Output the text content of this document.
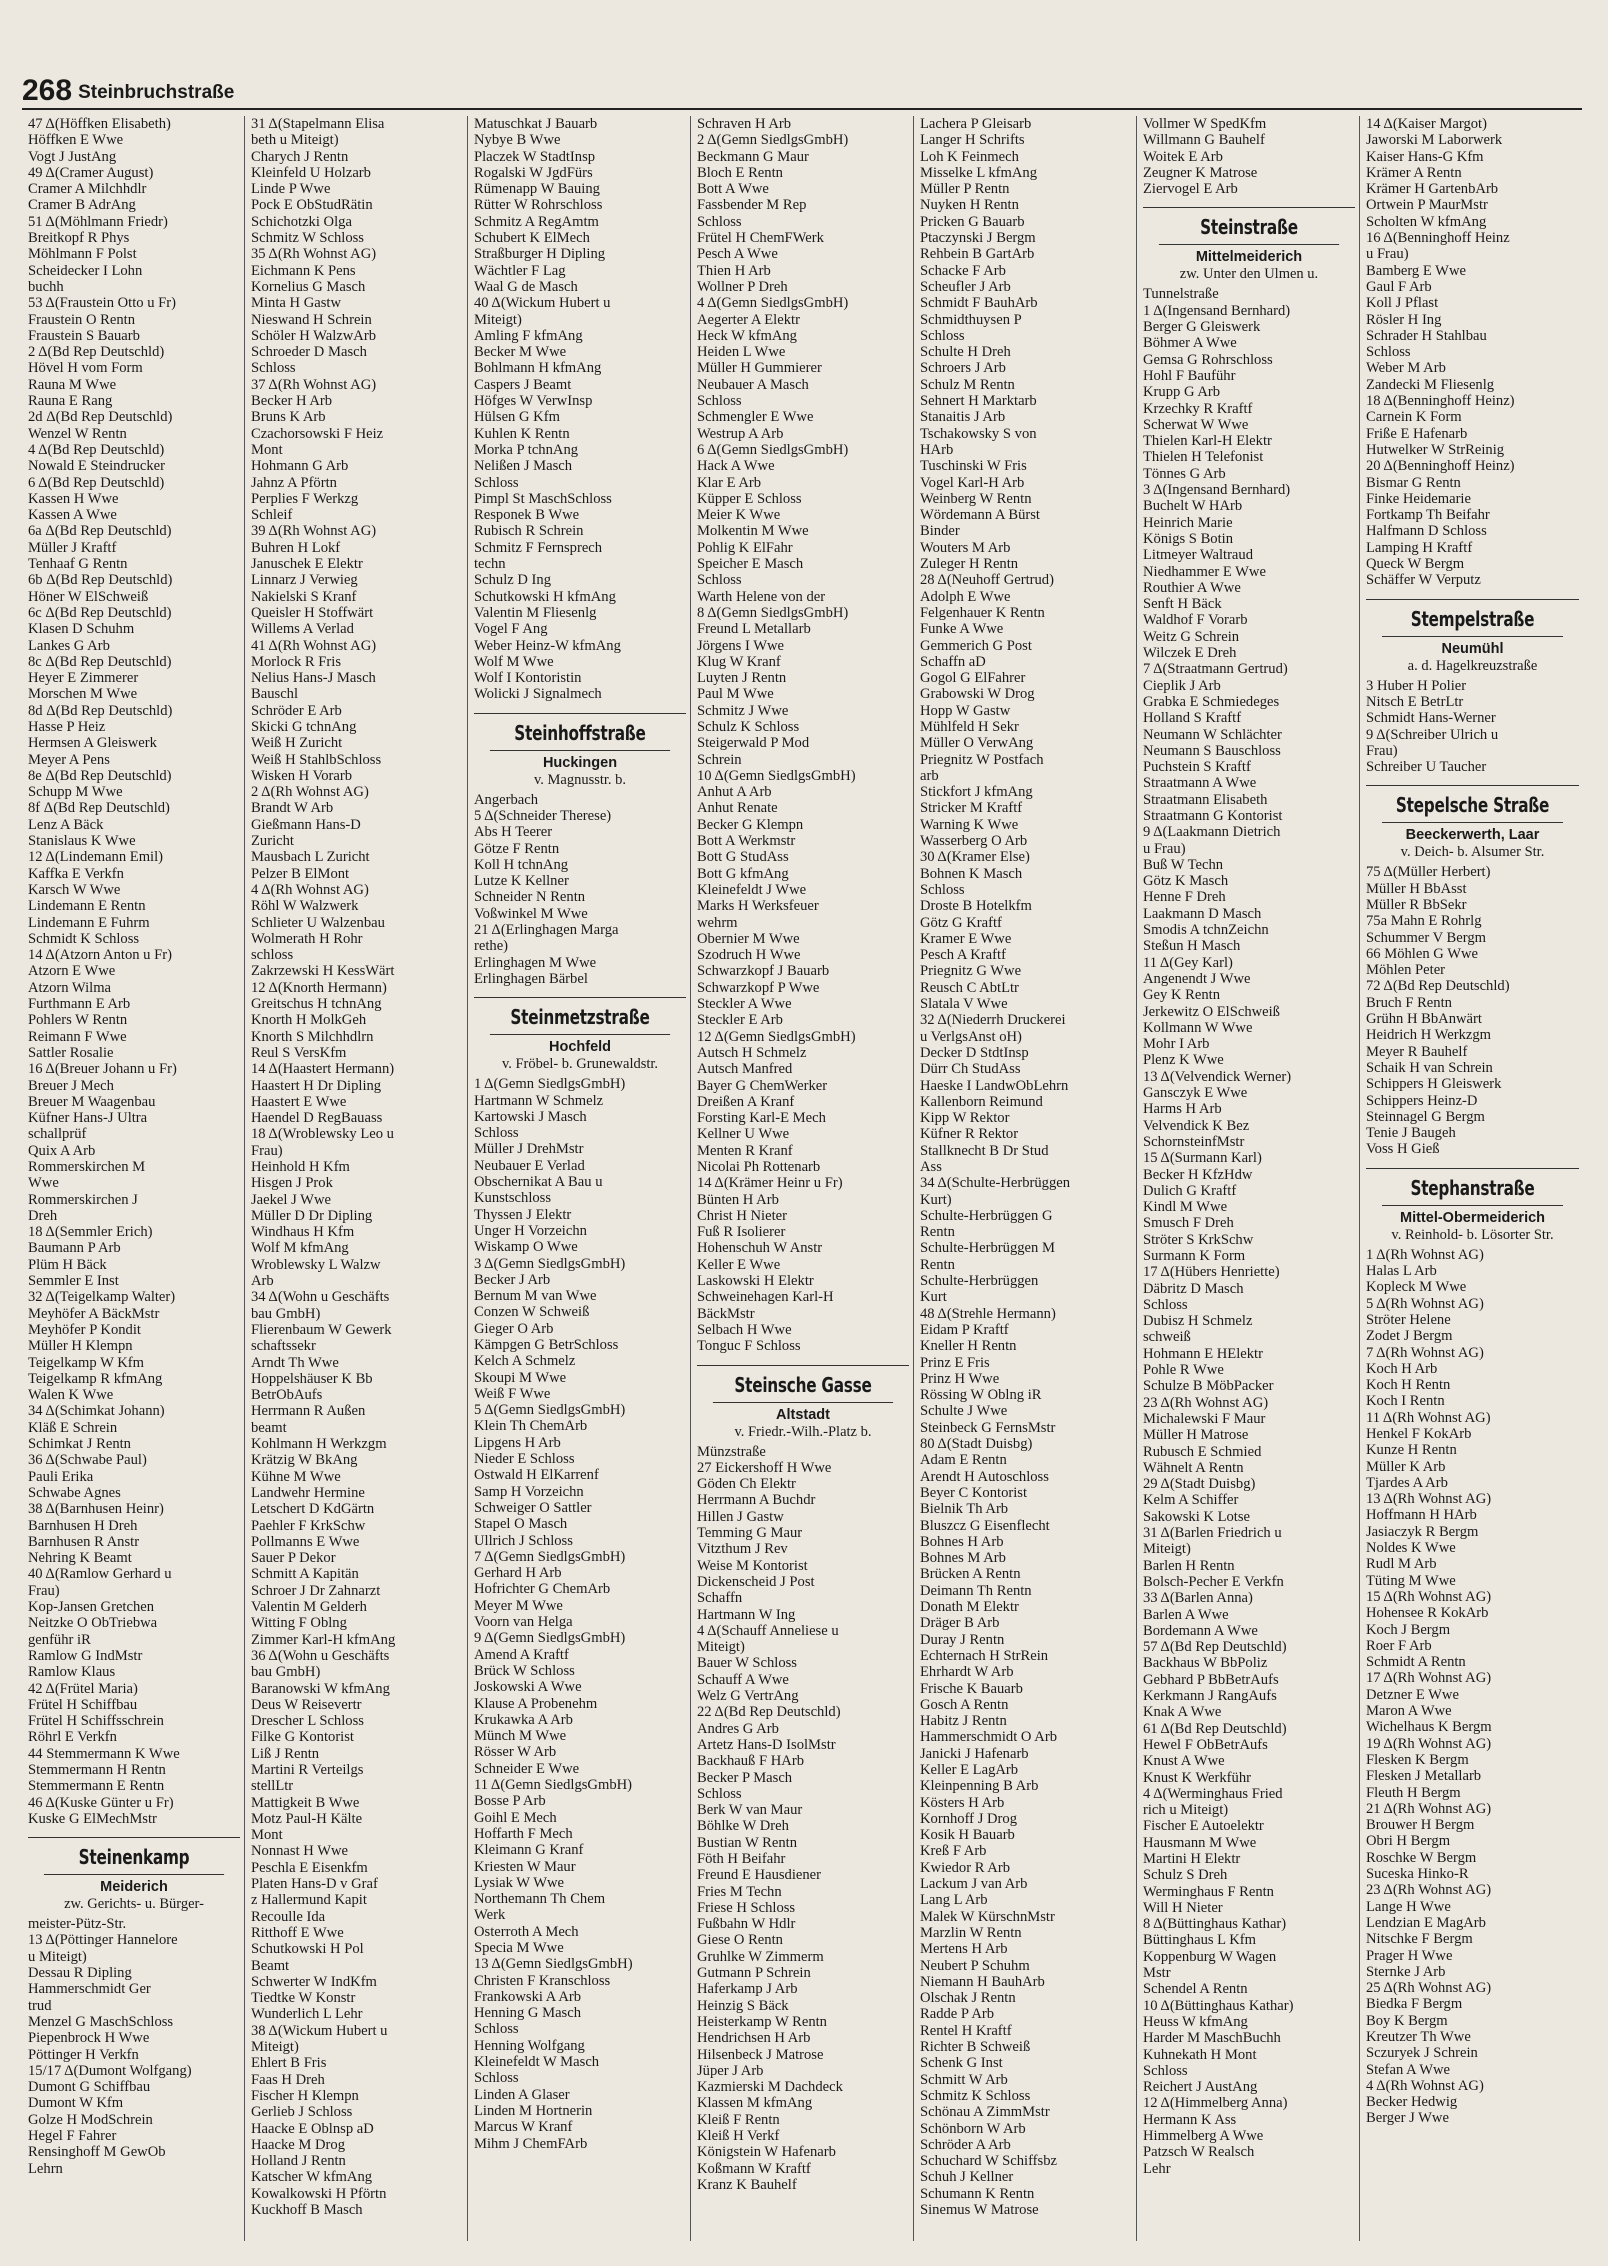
268 Steinbruchstraße
47 Δ(Höffken Elisabeth)
Höffken E Wwe
Vogt J JustAng
49 Δ(Cramer August)
Cramer A Milchhdlr
Cramer B AdrAng
51 Δ(Möhlmann Friedr)
Breitkopf R Phys
Möhlmann F Polst
Scheidecker I Lohn
buchh
53 Δ(Fraustein Otto u Fr)
Fraustein O Rentn
Fraustein S Bauarb
2 Δ(Bd Rep Deutschld)
Hövel H vom Form
Rauna M Wwe
Rauna E Rang
2d Δ(Bd Rep Deutschld)
Wenzel W Rentn
4 Δ(Bd Rep Deutschld)
Nowald E Steindrucker
6 Δ(Bd Rep Deutschld)
Kassen H Wwe
Kassen A Wwe
6a Δ(Bd Rep Deutschld)
Müller J Kraftf
Tenhaaf G Rentn
6b Δ(Bd Rep Deutschld)
Höner W ElSchweiß
6c Δ(Bd Rep Deutschld)
Klasen D Schuhm
Lankes G Arb
8c Δ(Bd Rep Deutschld)
Heyer E Zimmerer
Morschen M Wwe
8d Δ(Bd Rep Deutschld)
Hasse P Heiz
Hermsen A Gleiswerk
Meyer A Pens
8e Δ(Bd Rep Deutschld)
Schupp M Wwe
8f Δ(Bd Rep Deutschld)
Lenz A Bäck
Stanislaus K Wwe
12 Δ(Lindemann Emil)
Kaffka E Verkfn
Karsch W Wwe
Lindemann E Rentn
Lindemann E Fuhrm
Schmidt K Schloss
14 Δ(Atzorn Anton u Fr)
Atzorn E Wwe
Atzorn Wilma
Furthmann E Arb
Pohlers W Rentn
Reimann F Wwe
Sattler Rosalie
16 Δ(Breuer Johann u Fr)
Breuer J Mech
Breuer M Waagenbau
Küfner Hans-J Ultra
schallprüf
Quix A Arb
Rommerskirchen M
Wwe
Rommerskirchen J
Dreh
18 Δ(Semmler Erich)
Baumann P Arb
Plüm H Bäck
Semmler E Inst
32 Δ(Teigelkamp Walter)
Meyhöfer A BäckMstr
Meyhöfer P Kondit
Müller H Klempn
Teigelkamp W Kfm
Teigelkamp R kfmAng
Walen K Wwe
34 Δ(Schimkat Johann)
Kläß E Schrein
Schimkat J Rentn
36 Δ(Schwabe Paul)
Pauli Erika
Schwabe Agnes
38 Δ(Barnhusen Heinr)
Barnhusen H Dreh
Barnhusen R Anstr
Nehring K Beamt
40 Δ(Ramlow Gerhard u
Frau)
Kop-Jansen Gretchen
Neitzke O ObTriebwa
genführ iR
Ramlow G IndMstr
Ramlow Klaus
42 Δ(Frütel Maria)
Frütel H Schiffbau
Frütel H Schiffsschrein
Röhrl E Verkfn
44 Stemmermann K Wwe
Stemmermann H Rentn
Stemmermann E Rentn
46 Δ(Kuske Günter u Fr)
Kuske G ElMechMstr
Steinenkamp
Meiderich
zw. Gerichts- u. Bürger-
meister-Pütz-Str.
13 Δ(Pöttinger Hannelore
u Miteigt)
Dessau R Dipling
Hammerschmidt Ger
trud
Menzel G MaschSchloss
Piepenbrock H Wwe
Pöttinger H Verkfn
15/17 Δ(Dumont Wolfgang)
Dumont G Schiffbau
Dumont W Kfm
Golze H ModSchrein
Hegel F Fahrer
Rensinghoff M GewOb
Lehrn
31 Δ(Stapelmann Elisa
beth u Miteigt)
Charych J Rentn
Kleinfeld U Holzarb
Linde P Wwe
Pock E ObStudRätin
Schichotzki Olga
Schmitz W Schloss
35 Δ(Rh Wohnst AG)
Eichmann K Pens
Kornelius G Masch
Minta H Gastw
Nieswand H Schrein
Schöler H WalzwArb
Schroeder D Masch
Schloss
37 Δ(Rh Wohnst AG)
Becker H Arb
Bruns K Arb
Czachorsowski F Heiz
Mont
Hohmann G Arb
Jahnz A Pförtn
Perplies F Werkzg
Schleif
39 Δ(Rh Wohnst AG)
Buhren H Lokf
Januschek E Elektr
Linnarz J Verwieg
Nakielski S Kranf
Queisler H Stoffwärt
Willems A Verlad
41 Δ(Rh Wohnst AG)
Morlock R Fris
Nelius Hans-J Masch
Bauschl
Schröder E Arb
Skicki G tchnAng
Weiß H Zuricht
Weiß H StahlbSchloss
Wisken H Vorarb
2 Δ(Rh Wohnst AG)
Brandt W Arb
Gießmann Hans-D
Zuricht
Mausbach L Zuricht
Pelzer B ElMont
4 Δ(Rh Wohnst AG)
Röhl W Walzwerk
Schlieter U Walzenbau
Wolmerath H Rohr
schloss
Zakrzewski H KessWärt
12 Δ(Knorth Hermann)
Greitschus H tchnAng
Knorth H MolkGeh
Knorth S Milchhdlrn
Reul S VersKfm
14 Δ(Haastert Hermann)
Haastert H Dr Dipling
Haastert E Wwe
Haendel D RegBauass
18 Δ(Wroblewsky Leo u
Frau)
Heinhold H Kfm
Hisgen J Prok
Jaekel J Wwe
Müller D Dr Dipling
Windhaus H Kfm
Wolf M kfmAng
Wroblewsky L Walzw
Arb
34 Δ(Wohn u Geschäfts
bau GmbH)
Flierenbaum W Gewerk
schaftssekr
Arndt Th Wwe
Hoppelshäuser K Bb
BetrObAufs
Herrmann R Außen
beamt
Kohlmann H Werkzgm
Krätzig W BkAng
Kühne M Wwe
Landwehr Hermine
Letschert D KdGärtn
Paehler F KrkSchw
Pollmanns E Wwe
Sauer P Dekor
Schmitt A Kapitän
Schroer J Dr Zahnarzt
Valentin M Gelderh
Witting F Oblng
Zimmer Karl-H kfmAng
36 Δ(Wohn u Geschäfts
bau GmbH)
Baranowski W kfmAng
Deus W Reisevertr
Drescher L Schloss
Filke G Kontorist
Liß J Rentn
Martini R Verteilgs
stellLtr
Mattigkeit B Wwe
Motz Paul-H Kälte
Mont
Nonnast H Wwe
Peschla E Eisenkfm
Platen Hans-D v Graf
z Hallermund Kapit
Recoulle Ida
Ritthoff E Wwe
Schutkowski H Pol
Beamt
Schwerter W IndKfm
Tiedtke W Konstr
Wunderlich L Lehr
38 Δ(Wickum Hubert u
Miteigt)
Ehlert B Fris
Faas H Dreh
Fischer H Klempn
Gerlieb J Schloss
Haacke E Oblnsp aD
Haacke M Drog
Holland J Rentn
Katscher W kfmAng
Kowalkowski H Pförtn
Kuckhoff B Masch
Matuschkat J Bauarb
Nybye B Wwe
Placzek W StadtInsp
Rogalski W JgdFürs
Rümenapp W Bauing
Rütter W Rohrschloss
Schmitz A RegAmtm
Schubert K ElMech
Straßburger H Dipling
Wächtler F Lag
Waal G de Masch
40 Δ(Wickum Hubert u
Miteigt)
Amling F kfmAng
Becker M Wwe
Bohlmann H kfmAng
Caspers J Beamt
Höfges W VerwInsp
Hülsen G Kfm
Kuhlen K Rentn
Morka P tchnAng
Nelißen J Masch
Schloss
Pimpl St MaschSchloss
Responek B Wwe
Rubisch R Schrein
Schmitz F Fernsprech
techn
Schulz D Ing
Schutkowski H kfmAng
Valentin M Fliesenlg
Vogel F Ang
Weber Heinz-W kfmAng
Wolf M Wwe
Wolf I Kontoristin
Wolicki J Signalmech
Steinhoffstraße
Huckingen
v. Magnusstr. b.
Angerbach
5 Δ(Schneider Therese)
Abs H Teerer
Götze F Rentn
Koll H tchnAng
Lutze K Kellner
Schneider N Rentn
Voßwinkel M Wwe
21 Δ(Erlinghagen Marga
rethe)
Erlinghagen M Wwe
Erlinghagen Bärbel
Steinmetzstraße
Hochfeld
v. Fröbel- b. Grunewaldstr.
1 Δ(Gemn SiedlgsGmbH)
Hartmann W Schmelz
Kartowski J Masch
Schloss
Müller J DrehMstr
Neubauer E Verlad
Obschernikat A Bau u
Kunstschloss
Thyssen J Elektr
Unger H Vorzeichn
Wiskamp O Wwe
3 Δ(Gemn SiedlgsGmbH)
Becker J Arb
Bernum M van Wwe
Conzen W Schweiß
Gieger O Arb
Kämpgen G BetrSchloss
Kelch A Schmelz
Skoupi M Wwe
Weiß F Wwe
5 Δ(Gemn SiedlgsGmbH)
Klein Th ChemArb
Lipgens H Arb
Nieder E Schloss
Ostwald H ElKarrenf
Samp H Vorzeichn
Schweiger O Sattler
Stapel O Masch
Ullrich J Schloss
7 Δ(Gemn SiedlgsGmbH)
Gerhard H Arb
Hofrichter G ChemArb
Meyer M Wwe
Voorn van Helga
9 Δ(Gemn SiedlgsGmbH)
Amend A Kraftf
Brück W Schloss
Joskowski A Wwe
Klause A Probenehm
Krukawka A Arb
Münch M Wwe
Rösser W Arb
Schneider E Wwe
11 Δ(Gemn SiedlgsGmbH)
Bosse P Arb
Goihl E Mech
Hoffarth F Mech
Kleimann G Kranf
Kriesten W Maur
Lysiak W Wwe
Northemann Th Chem
Werk
Osterroth A Mech
Specia M Wwe
13 Δ(Gemn SiedlgsGmbH)
Christen F Kranschloss
Frankowski A Arb
Henning G Masch
Schloss
Henning Wolfgang
Kleinefeldt W Masch
Schloss
Linden A Glaser
Linden M Hortnerin
Marcus W Kranf
Mihm J ChemFArb
Schraven H Arb
2 Δ(Gemn SiedlgsGmbH)
Beckmann G Maur
Bloch E Rentn
Bott A Wwe
Fassbender M Rep
Schloss
Frütel H ChemFWerk
Pesch A Wwe
Thien H Arb
Wollner P Dreh
4 Δ(Gemn SiedlgsGmbH)
Aegerter A Elektr
Heck W kfmAng
Heiden L Wwe
Müller H Gummierer
Neubauer A Masch
Schloss
Schmengler E Wwe
Westrup A Arb
6 Δ(Gemn SiedlgsGmbH)
Hack A Wwe
Klar E Arb
Küpper E Schloss
Meier K Wwe
Molkentin M Wwe
Pohlig K ElFahr
Speicher E Masch
Schloss
Warth Helene von der
8 Δ(Gemn SiedlgsGmbH)
Freund L Metallarb
Jörgens I Wwe
Klug W Kranf
Luyten J Rentn
Paul M Wwe
Schmitz J Wwe
Schulz K Schloss
Steigerwald P Mod
Schrein
10 Δ(Gemn SiedlgsGmbH)
Anhut A Arb
Anhut Renate
Becker G Klempn
Bott A Werkmstr
Bott G StudAss
Bott G kfmAng
Kleinefeldt J Wwe
Marks H Werksfeuer
wehrm
Obernier M Wwe
Szodruch H Wwe
Schwarzkopf J Bauarb
Schwarzkopf P Wwe
Steckler A Wwe
Steckler E Arb
12 Δ(Gemn SiedlgsGmbH)
Autsch H Schmelz
Autsch Manfred
Bayer G ChemWerker
Dreißen A Kranf
Forsting Karl-E Mech
Kellner U Wwe
Menten R Kranf
Nicolai Ph Rottenarb
14 Δ(Krämer Heinr u Fr)
Bünten H Arb
Christ H Nieter
Fuß R Isolierer
Hohenschuh W Anstr
Keller E Wwe
Laskowski H Elektr
Schweinehagen Karl-H
BäckMstr
Selbach H Wwe
Tonguc F Schloss
Steinsche Gasse
Altstadt
v. Friedr.-Wilh.-Platz b.
Münzstraße
27 Eickershoff H Wwe
Göden Ch Elektr
Herrmann A Buchdr
Hillen J Gastw
Temming G Maur
Vitzthum J Rev
Weise M Kontorist
Dickenscheid J Post
Schaffn
Hartmann W Ing
4 Δ(Schauff Anneliese u
Miteigt)
Bauer W Schloss
Schauff A Wwe
Welz G VertrAng
22 Δ(Bd Rep Deutschld)
Andres G Arb
Artetz Hans-D IsolMstr
Backhauß F HArb
Becker P Masch
Schloss
Berk W van Maur
Böhlke W Dreh
Bustian W Rentn
Föth H Beifahr
Freund E Hausdiener
Fries M Techn
Friese H Schloss
Fußbahn W Hdlr
Giese O Rentn
Gruhlke W Zimmerm
Gutmann P Schrein
Haferkamp J Arb
Heinzig S Bäck
Heisterkamp W Rentn
Hendrichsen H Arb
Hilsenbeck J Matrose
Jüper J Arb
Kazmierski M Dachdeck
Klassen M kfmAng
Kleiß F Rentn
Kleiß H Verkf
Königstein W Hafenarb
Koßmann W Kraftf
Kranz K Bauhelf
Lachera P Gleisarb
Langer H Schrifts
Loh K Feinmech
Misselke L kfmAng
Müller P Rentn
Nuyken H Rentn
Pricken G Bauarb
Ptaczynski J Bergm
Rehbein B GartArb
Schacke F Arb
Scheufler J Arb
Schmidt F BauhArb
Schmidthuysen P
Schloss
Schulte H Dreh
Schroers J Arb
Schulz M Rentn
Sehnert H Marktarb
Stanaitis J Arb
Tschakowsky S von
HArb
Tuschinski W Fris
Vogel Karl-H Arb
Weinberg W Rentn
Wördemann A Bürst
Binder
Wouters M Arb
Zuleger H Rentn
28 Δ(Neuhoff Gertrud)
Adolph E Wwe
Felgenhauer K Rentn
Funke A Wwe
Gemmerich G Post
Schaffn aD
Gogol G ElFahrer
Grabowski W Drog
Hopp W Gastw
Mühlfeld H Sekr
Müller O VerwAng
Priegnitz W Postfach
arb
Stickfort J kfmAng
Stricker M Kraftf
Warning K Wwe
Wasserberg O Arb
30 Δ(Kramer Else)
Bohnen K Masch
Schloss
Droste B Hotelkfm
Götz G Kraftf
Kramer E Wwe
Pesch A Kraftf
Priegnitz G Wwe
Reusch C AbtLtr
Slatala V Wwe
32 Δ(Niederrh Druckerei
u VerlgsAnst oH)
Decker D StdtInsp
Dürr Ch StudAss
Haeske I LandwObLehrn
Kallenborn Reimund
Kipp W Rektor
Küfner R Rektor
Stallknecht B Dr Stud
Ass
34 Δ(Schulte-Herbrüggen
Kurt)
Schulte-Herbrüggen G
Rentn
Schulte-Herbrüggen M
Rentn
Schulte-Herbrüggen
Kurt
48 Δ(Strehle Hermann)
Eidam P Kraftf
Kneller H Rentn
Prinz E Fris
Prinz H Wwe
Rössing W Oblng iR
Schulte J Wwe
Steinbeck G FernsMstr
80 Δ(Stadt Duisbg)
Adam E Rentn
Arendt H Autoschloss
Beyer C Kontorist
Bielnik Th Arb
Bluszcz G Eisenflecht
Bohnes H Arb
Bohnes M Arb
Brücken A Rentn
Deimann Th Rentn
Donath M Elektr
Dräger B Arb
Duray J Rentn
Echternach H StrRein
Ehrhardt W Arb
Frische K Bauarb
Gosch A Rentn
Habitz J Rentn
Hammerschmidt O Arb
Janicki J Hafenarb
Keller E LagArb
Kleinpenning B Arb
Kösters H Arb
Kornhoff J Drog
Kosik H Bauarb
Kreß F Arb
Kwiedor R Arb
Lackum J van Arb
Lang L Arb
Malek W KürschnMstr
Marzlin W Rentn
Mertens H Arb
Neubert P Schuhm
Niemann H BauhArb
Olschak J Rentn
Radde P Arb
Rentel H Kraftf
Richter B Schweiß
Schenk G Inst
Schmitt W Arb
Schmitz K Schloss
Schönau A ZimmMstr
Schönborn W Arb
Schröder A Arb
Schuchard W Schiffsbz
Schuh J Kellner
Schumann K Rentn
Sinemus W Matrose
Vollmer W SpedKfm
Willmann G Bauhelf
Woitek E Arb
Zeugner K Matrose
Ziervogel E Arb
Steinstraße
Mittelmeiderich
zw. Unter den Ulmen u.
Tunnelstraße
1 Δ(Ingensand Bernhard)
Berger G Gleiswerk
Böhmer A Wwe
Gemsa G Rohrschloss
Hohl F Bauführ
Krupp G Arb
Krzechky R Kraftf
Scherwat W Wwe
Thielen Karl-H Elektr
Thielen H Telefonist
Tönnes G Arb
3 Δ(Ingensand Bernhard)
Buchelt W HArb
Heinrich Marie
Königs S Botin
Litmeyer Waltraud
Niedhammer E Wwe
Routhier A Wwe
Senft H Bäck
Waldhof F Vorarb
Weitz G Schrein
Wilczek E Dreh
7 Δ(Straatmann Gertrud)
Cieplik J Arb
Grabka E Schmiedeges
Holland S Kraftf
Neumann W Schlächter
Neumann S Bauschloss
Puchstein S Kraftf
Straatmann A Wwe
Straatmann Elisabeth
Straatmann G Kontorist
9 Δ(Laakmann Dietrich
u Frau)
Buß W Techn
Götz K Masch
Henne F Dreh
Laakmann D Masch
Smodis A tchnZeichn
Steßun H Masch
11 Δ(Gey Karl)
Angenendt J Wwe
Gey K Rentn
Jerkewitz O ElSchweiß
Kollmann W Wwe
Mohr I Arb
Plenz K Wwe
13 Δ(Velvendick Werner)
Gansczyk E Wwe
Harms H Arb
Velvendick K Bez
SchornsteinfMstr
15 Δ(Surmann Karl)
Becker H KfzHdw
Dulich G Kraftf
Kindl M Wwe
Smusch F Dreh
Ströter S KrkSchw
Surmann K Form
17 Δ(Hübers Henriette)
Däbritz D Masch
Schloss
Dubisz H Schmelz
schweiß
Hohmann E HElektr
Pohle R Wwe
Schulze B MöbPacker
23 Δ(Rh Wohnst AG)
Michalewski F Maur
Müller H Matrose
Rubusch E Schmied
Wähnelt A Rentn
29 Δ(Stadt Duisbg)
Kelm A Schiffer
Sakowski K Lotse
31 Δ(Barlen Friedrich u
Miteigt)
Barlen H Rentn
Bolsch-Pecher E Verkfn
33 Δ(Barlen Anna)
Barlen A Wwe
Bordemann A Wwe
57 Δ(Bd Rep Deutschld)
Backhaus W BbPoliz
Gebhard P BbBetrAufs
Kerkmann J RangAufs
Knak A Wwe
61 Δ(Bd Rep Deutschld)
Hewel F ObBetrAufs
Knust A Wwe
Knust K Werkführ
4 Δ(Werminghaus Fried
rich u Miteigt)
Fischer E Autoelektr
Hausmann M Wwe
Martini H Elektr
Schulz S Dreh
Werminghaus F Rentn
Will H Nieter
8 Δ(Büttinghaus Kathar)
Büttinghaus L Kfm
Koppenburg W Wagen
Mstr
Schendel A Rentn
10 Δ(Büttinghaus Kathar)
Heuss W kfmAng
Harder M MaschBuchh
Kuhnekath H Mont
Schloss
Reichert J AustAng
12 Δ(Himmelberg Anna)
Hermann K Ass
Himmelberg A Wwe
Patzsch W Realsch
Lehr
14 Δ(Kaiser Margot)
Jaworski M Laborwerk
Kaiser Hans-G Kfm
Krämer A Rentn
Krämer H GartenbArb
Ortwein P MaurMstr
Scholten W kfmAng
16 Δ(Benninghoff Heinz
u Frau)
Bamberg E Wwe
Gaul F Arb
Koll J Pflast
Rösler H Ing
Schrader H Stahlbau
Schloss
Weber M Arb
Zandecki M Fliesenlg
18 Δ(Benninghoff Heinz)
Carnein K Form
Friße E Hafenarb
Hutwelker W StrReinig
20 Δ(Benninghoff Heinz)
Bismar G Rentn
Finke Heidemarie
Fortkamp Th Beifahr
Halfmann D Schloss
Lamping H Kraftf
Queck W Bergm
Schäffer W Verputz
Stempelstraße
Neumühl
a. d. Hagelkreuzstraße
3 Huber H Polier
Nitsch E BetrLtr
Schmidt Hans-Werner
9 Δ(Schreiber Ulrich u
Frau)
Schreiber U Taucher
Stepelsche Straße
Beeckerwerth, Laar
v. Deich- b. Alsumer Str.
75 Δ(Müller Herbert)
Müller H BbAsst
Müller R BbSekr
75a Mahn E Rohrlg
Schummer V Bergm
66 Möhlen G Wwe
Möhlen Peter
72 Δ(Bd Rep Deutschld)
Bruch F Rentn
Grühn H BbAnwärt
Heidrich H Werkzgm
Meyer R Bauhelf
Schaik H van Schrein
Schippers H Gleiswerk
Schippers Heinz-D
Steinnagel G Bergm
Tenie J Baugeh
Voss H Gieß
Stephanstraße
Mittel-Obermeiderich
v. Reinhold- b. Lösorter Str.
1 Δ(Rh Wohnst AG)
Halas L Arb
Kopleck M Wwe
5 Δ(Rh Wohnst AG)
Ströter Helene
Zodet J Bergm
7 Δ(Rh Wohnst AG)
Koch H Arb
Koch H Rentn
Koch I Rentn
11 Δ(Rh Wohnst AG)
Henkel F KokArb
Kunze H Rentn
Müller K Arb
Tjardes A Arb
13 Δ(Rh Wohnst AG)
Hoffmann H HArb
Jasiaczyk R Bergm
Noldes K Wwe
Rudl M Arb
Tüting M Wwe
15 Δ(Rh Wohnst AG)
Hohensee R KokArb
Koch J Bergm
Roer F Arb
Schmidt A Rentn
17 Δ(Rh Wohnst AG)
Detzner E Wwe
Maron A Wwe
Wichelhaus K Bergm
19 Δ(Rh Wohnst AG)
Flesken K Bergm
Flesken J Metallarb
Fleuth H Bergm
21 Δ(Rh Wohnst AG)
Brouwer H Bergm
Obri H Bergm
Roschke W Bergm
Suceska Hinko-R
23 Δ(Rh Wohnst AG)
Lange H Wwe
Lendzian E MagArb
Nitschke F Bergm
Prager H Wwe
Sternke J Arb
25 Δ(Rh Wohnst AG)
Biedka F Bergm
Boy K Bergm
Kreutzer Th Wwe
Sczuryek J Schrein
Stefan A Wwe
4 Δ(Rh Wohnst AG)
Becker Hedwig
Berger J Wwe
